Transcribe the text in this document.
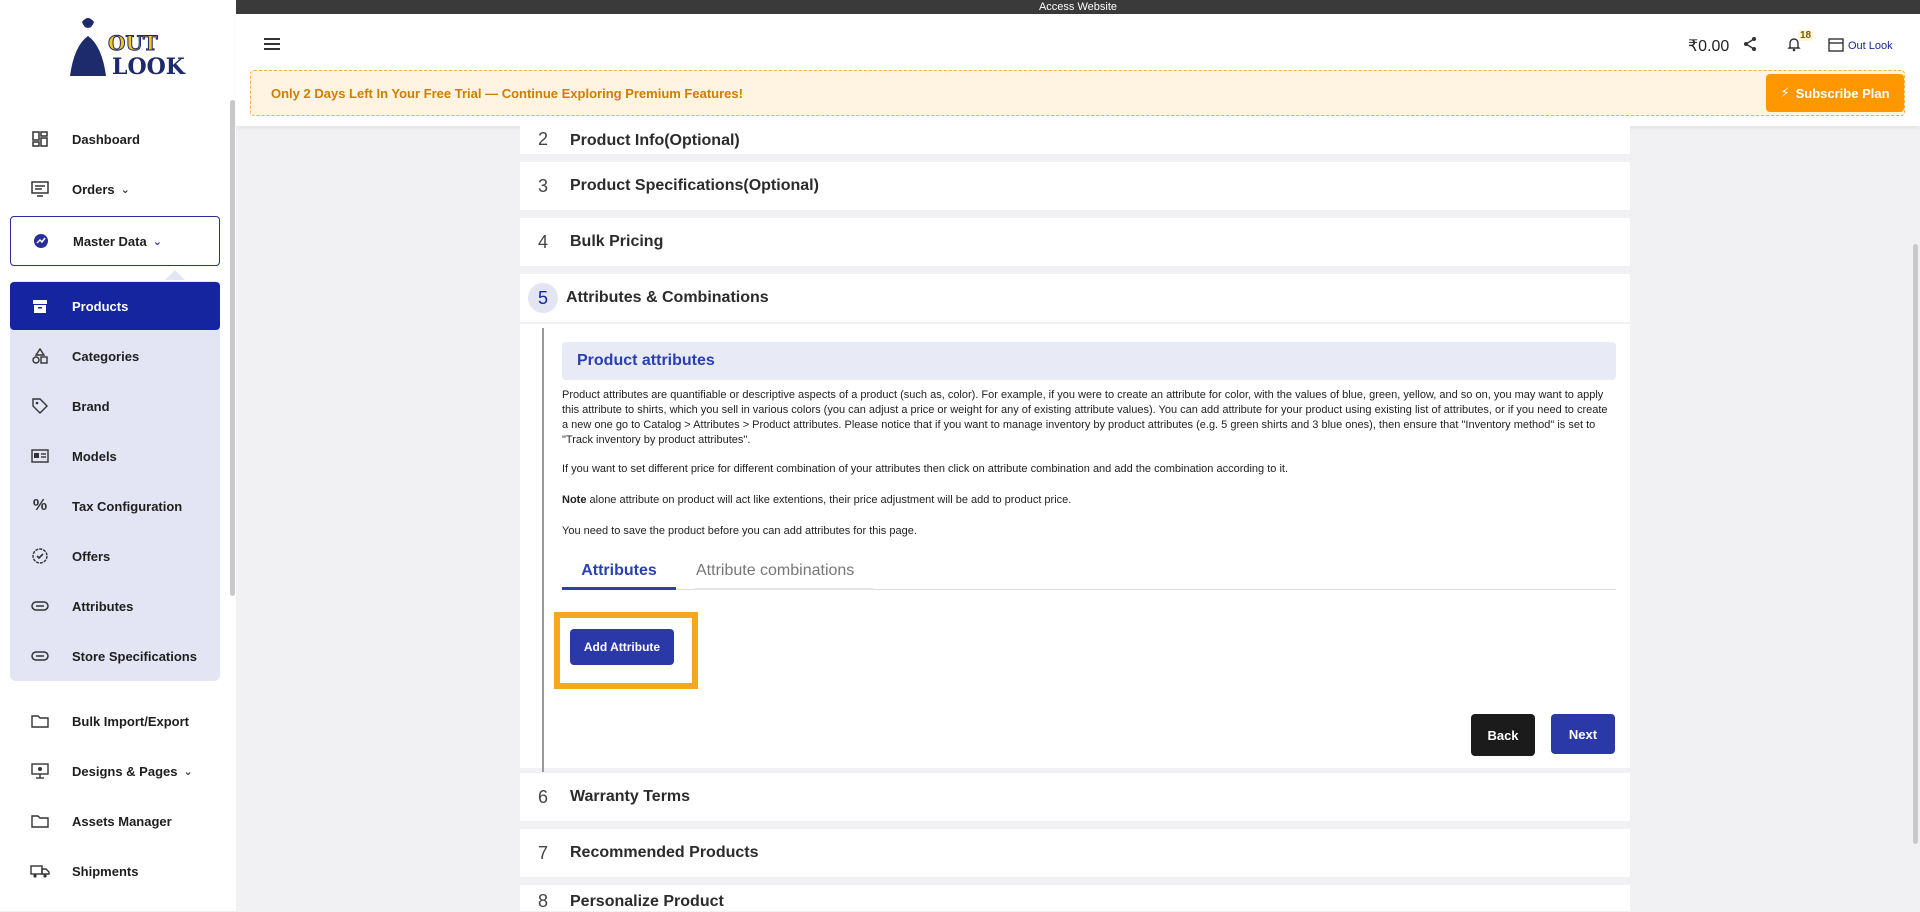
Access Website
OUT
LOOK
Dashboard
Orders ⌄
Master Data ⌄
Products
Categories
Brand
Models
% Tax Configuration
Offers
Attributes
Store Specifications
Bulk Import/Export
Designs & Pages ⌄
Assets Manager
Shipments
₹0.00
18
Out Look
Only 2 Days Left In Your Free Trial — Continue Exploring Premium Features!	⚡︎ Subscribe Plan
2	Product Info(Optional)
3	Product Specifications(Optional)
4	Bulk Pricing
5	Attributes & Combinations
Product attributes

Product attributes are quantifiable or descriptive aspects of a product (such as, color). For example, if you were to create an attribute for color, with the values of blue, green, yellow, and so on, you may want to apply this attribute to shirts, which you sell in various colors (you can adjust a price or weight for any of existing attribute values). You can add attribute for your product using existing list of attributes, or if you need to create a new one go to Catalog > Attributes > Product attributes. Please notice that if you want to manage inventory by product attributes (e.g. 5 green shirts and 3 blue ones), then ensure that "Inventory method" is set to "Track inventory by product attributes".

If you want to set different price for different combination of your attributes then click on attribute combination and add the combination according to it.

Note alone attribute on product will act like extentions, their price adjustment will be add to product price.

You need to save the product before you can add attributes for this page.

Attributes	Attribute combinations
Add Attribute
Back	Next
6	Warranty Terms
7	Recommended Products
8	Personalize Product
